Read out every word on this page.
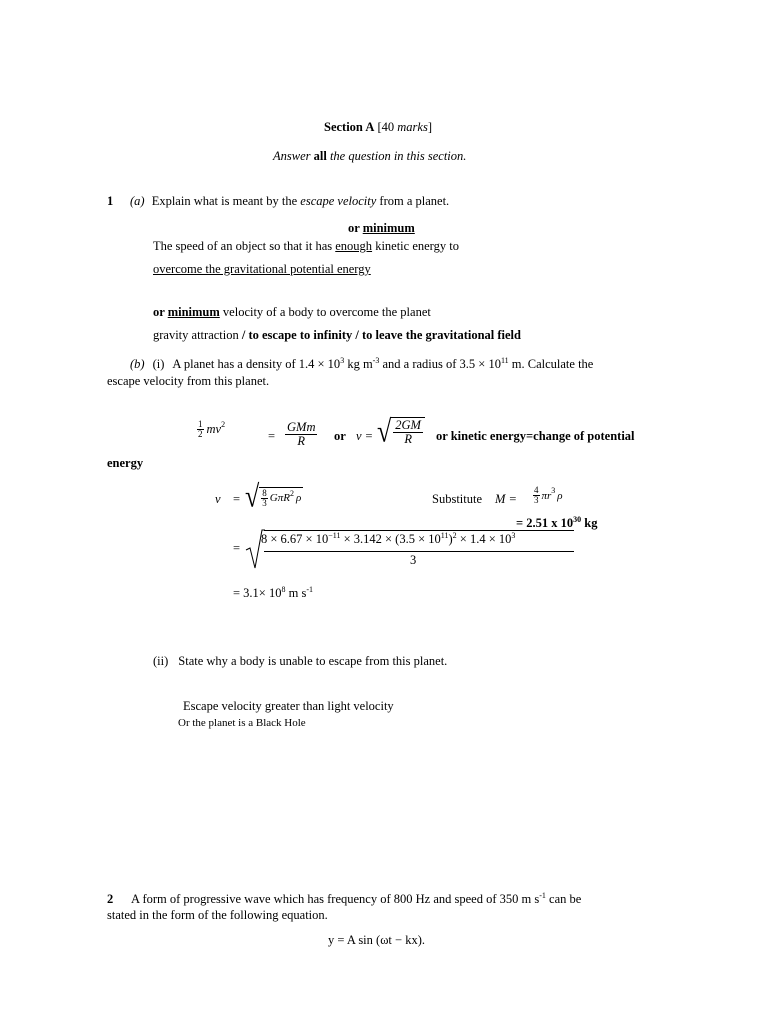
Section A [40 marks]
Answer all the question in this section.
1 (a) Explain what is meant by the escape velocity from a planet.
or minimum
The speed of an object so that it has enough kinetic energy to
overcome the gravitational potential energy
or minimum velocity of a body to overcome the planet
gravity attraction / to escape to infinity / to leave the gravitational field
(b) (i) A planet has a density of $1.4 \times 10^3$ kg $m^{-3}$ and a radius of $3.5 \times 10^{11}$ m. Calculate the
escape velocity from this planet.
$\frac{1}{2} mv^2$
= $\frac{\text{GMm}}{R}$ or v = √ $\frac{2GM}{R}$ or kinetic energy=change of potential
energy
v = √ $\frac{8}{3} G\pi R^2$ ρ	Substitute $M = \frac{4}{3} \pi r^3$ ρ
= 2.51 x $10^{30}$ kg
=
$8 \times 6.67 \times 10^{-11} \times 3.142 \times (3.5 \times 10^{11})^2 \times 1.4 \times 10^3$
3
= $3.1\times 10^8$ m $s^{-1}$
(ii) State why a body is unable to escape from this planet.
Escape velocity greater than light velocity
Or the planet is a Black Hole
2 A form of progressive wave which has frequency of 800 Hz and speed of 350 m $s^{-1}$ can be
stated in the form of the following equation.
y = A sin (ωt − kx).
